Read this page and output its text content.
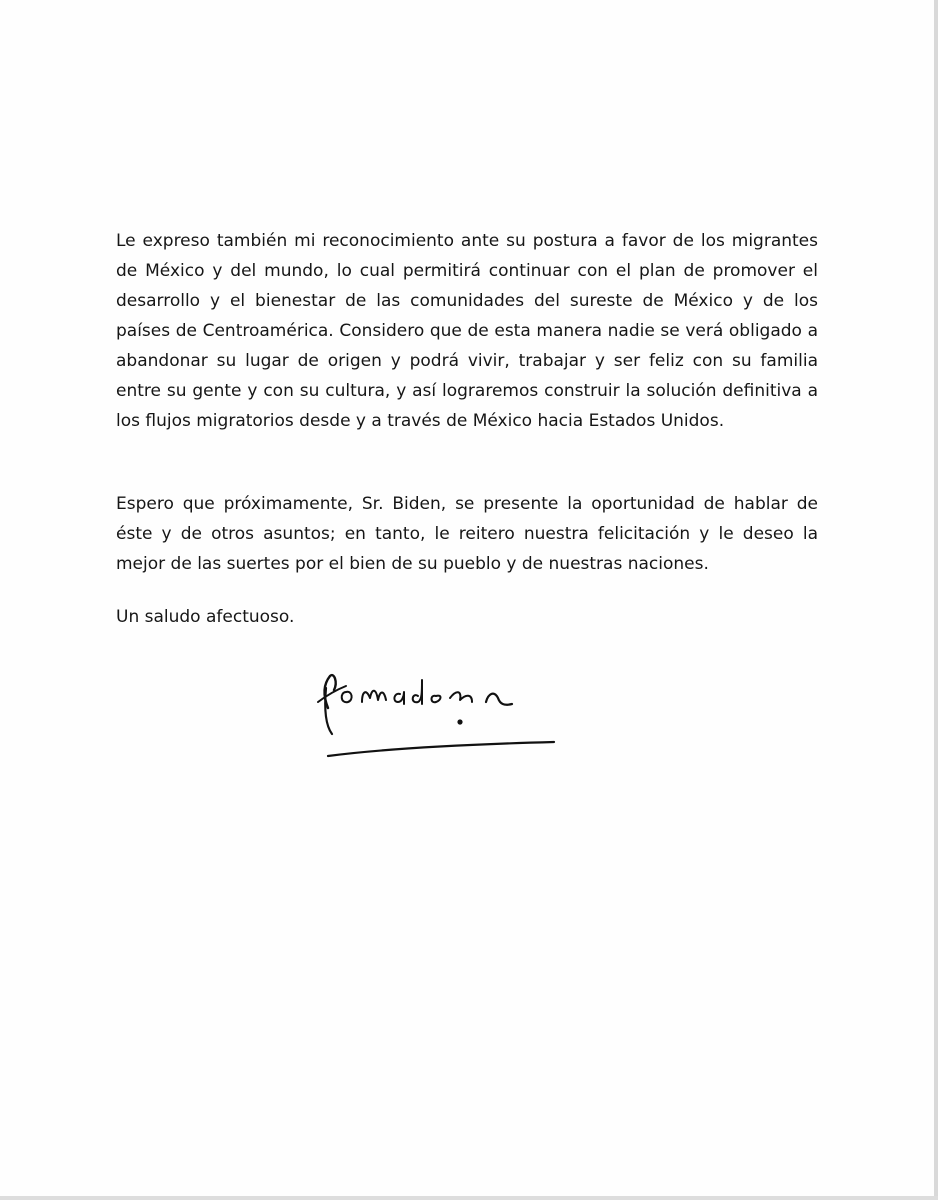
Le expreso también mi reconocimiento ante su postura a favor de los migrantes de México y del mundo, lo cual permitirá continuar con el plan de promover el desarrollo y el bienestar de las comunidades del sureste de México y de los países de Centroamérica. Considero que de esta manera nadie se verá obligado a abandonar su lugar de origen y podrá vivir, trabajar y ser feliz con su familia entre su gente y con su cultura, y así lograremos construir la solución definitiva a los flujos migratorios desde y a través de México hacia Estados Unidos.

Espero que próximamente, Sr. Biden, se presente la oportunidad de hablar de éste y de otros asuntos; en tanto, le reitero nuestra felicitación y le deseo la mejor de las suertes por el bien de su pueblo y de nuestras naciones.

Un saludo afectuoso.
